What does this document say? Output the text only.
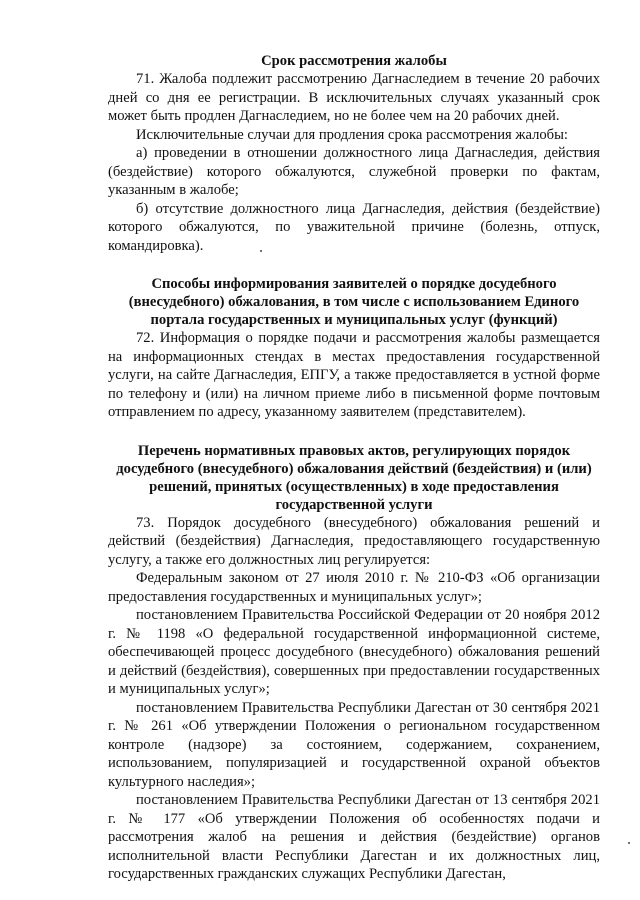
Срок рассмотрения жалобы

71. Жалоба подлежит рассмотрению Дагнаследием в течение 20 рабочих дней со дня ее регистрации. В исключительных случаях указанный срок может быть продлен Дагнаследием, но не более чем на 20 рабочих дней.

Исключительные случаи для продления срока рассмотрения жалобы:

а) проведении в отношении должностного лица Дагнаследия, действия (бездействие) которого обжалуются, служебной проверки по фактам, указанным в жалобе;

б) отсутствие должностного лица Дагнаследия, действия (бездействие) которого обжалуются, по уважительной причине (болезнь, отпуск, командировка).

Способы информирования заявителей о порядке досудебного (внесудебного) обжалования, в том числе с использованием Единого портала государственных и муниципальных услуг (функций)

72. Информация о порядке подачи и рассмотрения жалобы размещается на информационных стендах в местах предоставления государственной услуги, на сайте Дагнаследия, ЕПГУ, а также предоставляется в устной форме по телефону и (или) на личном приеме либо в письменной форме почтовым отправлением по адресу, указанному заявителем (представителем).

Перечень нормативных правовых актов, регулирующих порядок досудебного (внесудебного) обжалования действий (бездействия) и (или) решений, принятых (осуществленных) в ходе предоставления государственной услуги

73. Порядок досудебного (внесудебного) обжалования решений и действий (бездействия) Дагнаследия, предоставляющего государственную услугу, а также его должностных лиц регулируется:

Федеральным законом от 27 июля 2010 г. № 210-ФЗ «Об организации предоставления государственных и муниципальных услуг»;

постановлением Правительства Российской Федерации от 20 ноября 2012 г. № 1198 «О федеральной государственной информационной системе, обеспечивающей процесс досудебного (внесудебного) обжалования решений и действий (бездействия), совершенных при предоставлении государственных и муниципальных услуг»;

постановлением Правительства Республики Дагестан от 30 сентября 2021 г. № 261 «Об утверждении Положения о региональном государственном контроле (надзоре) за состоянием, содержанием, сохранением, использованием, популяризацией и государственной охраной объектов культурного наследия»;

постановлением Правительства Республики Дагестан от 13 сентября 2021 г. № 177 «Об утверждении Положения об особенностях подачи и рассмотрения жалоб на решения и действия (бездействие) органов исполнительной власти Республики Дагестан и их должностных лиц, государственных гражданских служащих Республики Дагестан,
